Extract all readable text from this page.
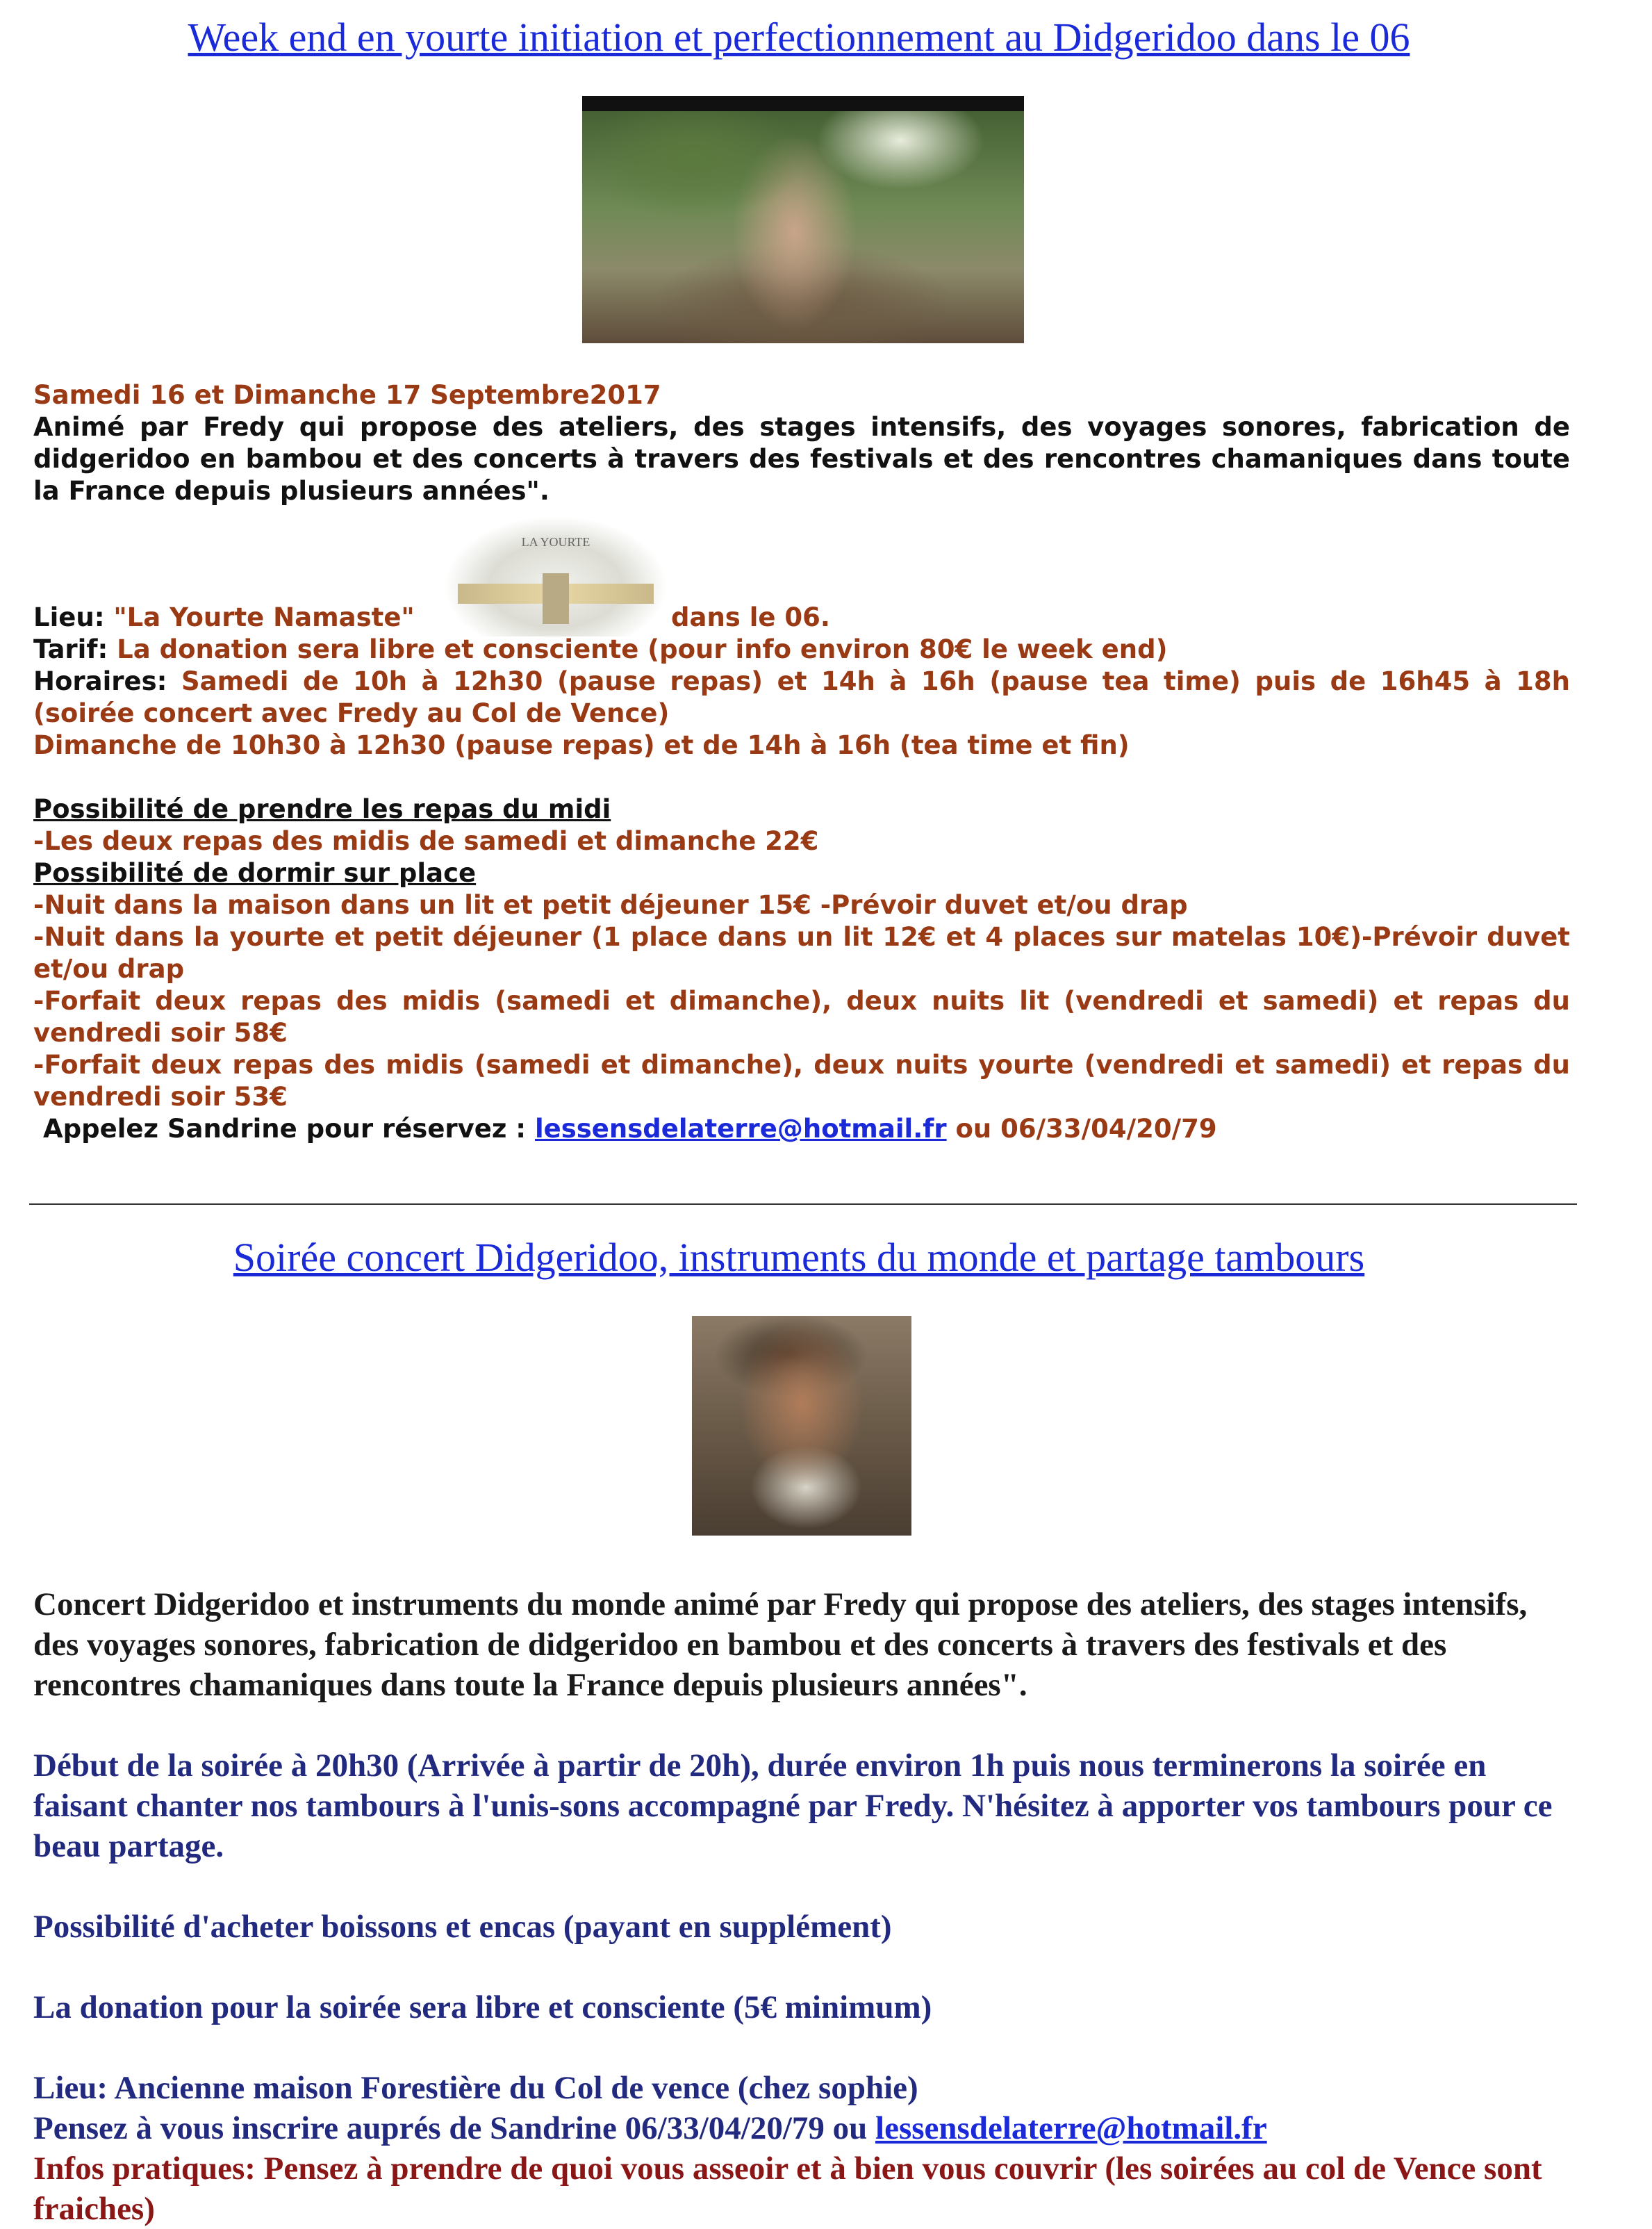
Week end en yourte initiation et perfectionnement au Didgeridoo dans le 06
Samedi 16 et Dimanche 17 Septembre2017
Animé par Fredy qui propose des ateliers, des stages intensifs, des voyages sonores, fabrication de didgeridoo en bambou et des concerts à travers des festivals et des rencontres chamaniques dans toute la France depuis plusieurs années".
LA YOURTE
Lieu: "La Yourte Namaste"	dans le 06.
Tarif: La donation sera libre et consciente (pour info environ 80€ le week end)
Horaires: Samedi de 10h à 12h30 (pause repas) et 14h à 16h (pause tea time) puis de 16h45 à 18h (soirée concert avec Fredy au Col de Vence)
Dimanche de 10h30 à 12h30 (pause repas) et de 14h à 16h (tea time et fin)
Possibilité de prendre les repas du midi
-Les deux repas des midis de samedi et dimanche 22€
Possibilité de dormir sur place
-Nuit dans la maison dans un lit et petit déjeuner 15€ -Prévoir duvet et/ou drap
-Nuit dans la yourte et petit déjeuner (1 place dans un lit 12€ et 4 places sur matelas 10€)-Prévoir duvet et/ou drap
-Forfait deux repas des midis (samedi et dimanche), deux nuits lit (vendredi et samedi) et repas du vendredi soir 58€
-Forfait deux repas des midis (samedi et dimanche), deux nuits yourte (vendredi et samedi) et repas du vendredi soir 53€
Appelez Sandrine pour réservez : lessensdelaterre@hotmail.fr ou 06/33/04/20/79
Soirée concert Didgeridoo, instruments du monde et partage tambours
Concert Didgeridoo et instruments du monde animé par Fredy qui propose des ateliers, des stages intensifs, des voyages sonores, fabrication de didgeridoo en bambou et des concerts à travers des festivals et des rencontres chamaniques dans toute la France depuis plusieurs années".
Début de la soirée à 20h30 (Arrivée à partir de 20h), durée environ 1h puis nous terminerons la soirée en faisant chanter nos tambours à l'unis-sons accompagné par Fredy. N'hésitez à apporter vos tambours pour ce beau partage.
Possibilité d'acheter boissons et encas (payant en supplément)
La donation pour la soirée sera libre et consciente (5€ minimum)
Lieu: Ancienne maison Forestière du Col de vence (chez sophie)
Pensez à vous inscrire auprés de Sandrine 06/33/04/20/79 ou lessensdelaterre@hotmail.fr
Infos pratiques: Pensez à prendre de quoi vous asseoir et à bien vous couvrir (les soirées au col de Vence sont fraiches)
